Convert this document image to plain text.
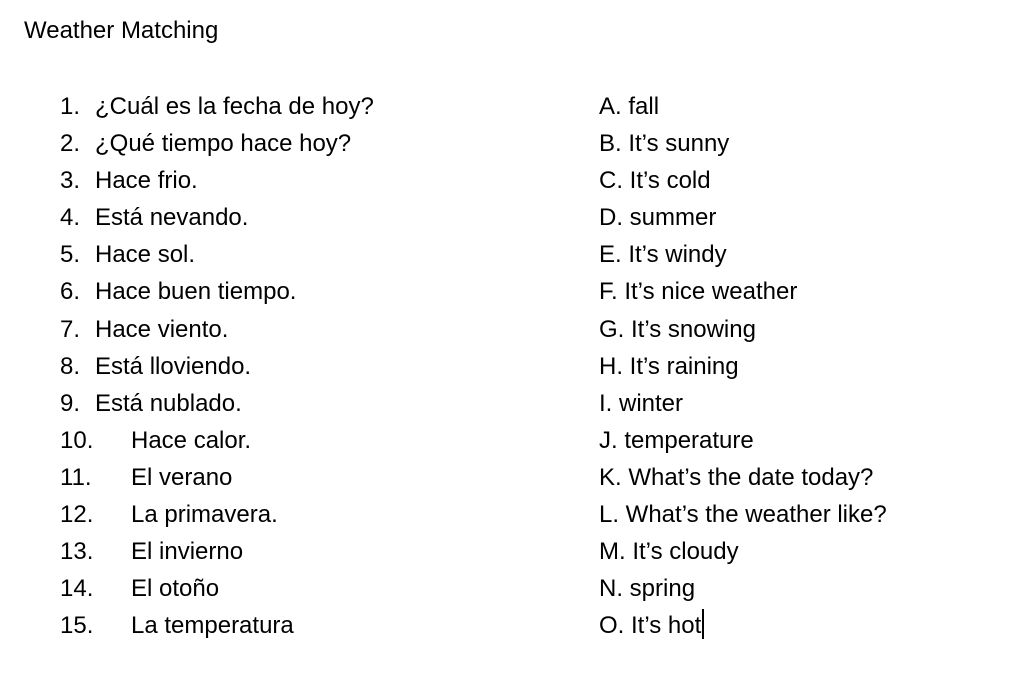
Weather Matching
1. ¿Cuál es la fecha de hoy?
2. ¿Qué tiempo hace hoy?
3. Hace frio.
4. Está nevando.
5. Hace sol.
6. Hace buen tiempo.
7. Hace viento.
8. Está lloviendo.
9. Está nublado.
10. Hace calor.
11. El verano
12. La primavera.
13. El invierno
14. El otoño
15. La temperatura
A. fall
B. It’s sunny
C. It’s cold
D. summer
E. It’s windy
F. It’s nice weather
G. It’s snowing
H. It’s raining
I. winter
J. temperature
K. What’s the date today?
L. What’s the weather like?
M. It’s cloudy
N. spring
O. It’s hot
